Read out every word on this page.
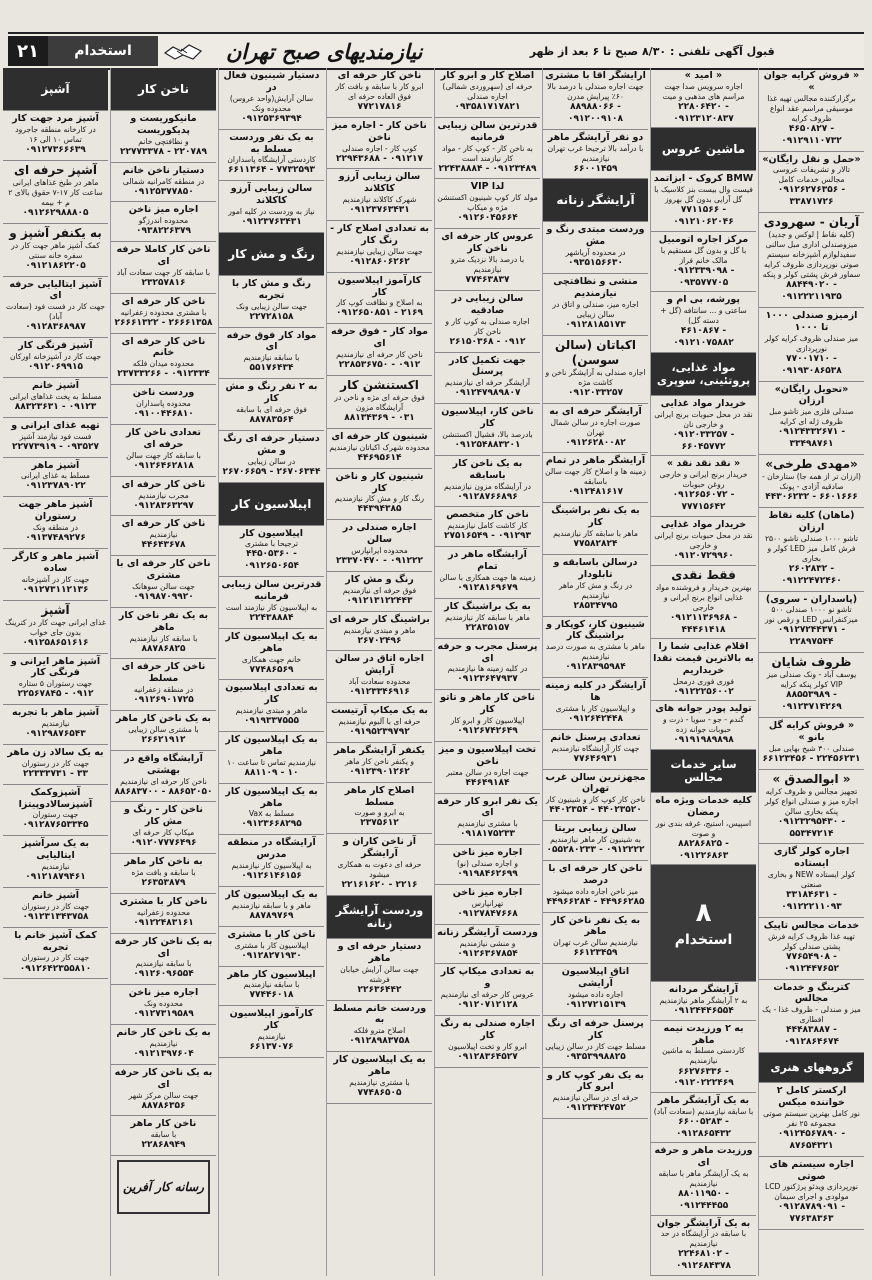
۲۱	استخدام	نیازمندیهای صبح تهران	قبول آگهی تلفنی : ۸/۳۰ صبح تا ۶ بعد از ظهر
« فروش کرایه جوان »
برگزارکننده مجالس تهیه غذا موسیقی مراسم عقد انواع ظروف کرایه
۴۶۵۰۸۲۷ - ۰۹۱۲۹۱۱۰۷۳۲
«حمل و نقل رایگان»
تالار و تشریفات عروسی مجالس خدمات کامل
۰۹۱۲۶۲۷۶۳۵۶ - ۳۳۸۷۱۷۲۶
آریان - سهرودی
(کلیه نقاط | لوکس و جدید) میزوصندلی اداری مبل سالنی سفیدلوازم آشپزخانه سیستم صوتی نورپردازی ظروف کرایه سماور فرش پشتی کولر و پنکه
۸۸۴۴۹۰۲۰ - ۰۹۱۲۲۲۱۱۹۳۵
ازمیزو صندلی ۱۰۰۰ تا ۱۰۰۰
میز صندلی ظروف کرایه کولر نورپردازی
۷۷۰۰۱۷۱۰ - ۰۹۱۹۳۰۸۶۵۳۸
«تحویل رایگان» ارزان
صندلی فلزی میز تاشو مبل ظروف ژله ای کرایه
۰۹۱۲۴۳۳۲۶۷۱ - ۳۳۴۹۸۷۶۱
«مهدی طرخی»
(ارزان تر از همه جا) ستارخان - صادقیه آزادی - پونک
۴۴۳۰۶۲۳۲ - ۶۶۰۱۶۶۶
(ماهان) کلیه نقاط ارزان
تاشو ۱۰۰۰ صندلی تاشو ۲۵۰۰ فرش کامل میز LED کولر و بخاری
۲۶۰۲۸۳۲ - ۰۹۱۲۲۴۷۲۴۶۰
(پاسداران - سروی)
تاشو نو ۱۰۰۰ صندلی ۵۰۰ میزکنفرانس LED و رقص نور
۰۹۱۲۷۲۴۴۳۷۱ - ۲۲۸۹۷۵۴۴
ظروف شایان
یوسف آباد - ونک صندلی میز VIP کولر پنکه کرایه
۸۸۵۵۳۹۸۹ - ۰۹۱۲۳۷۱۴۲۶۹
« فروش کرایه گل بانو »
صندلی ۳۰۰ شیخ بهایی مبل
۶۶۱۲۳۴۵۶ - ۲۲۴۵۶۲۳۱
« ابوالصدق »
تجهیز مجالس و ظروف کرایه اجاره میز و صندلی انواع کولر پنکه بخاری سالن
۰۹۱۲۳۲۹۵۴۳۰ - ۵۵۳۴۷۲۱۴
اجاره کولر گازی ایستاده
کولر ایستاده NEW و بخاری صنعتی
۳۳۱۸۴۶۳۱ - ۰۹۱۲۲۲۱۱۰۹۳
خدمات مجالس تاپیک
تهیه غذا ظروف کرایه فرش پشتی صندلی کولر
۷۷۶۵۴۹۰۸ - ۰۹۱۲۴۴۷۶۵۲
کترینگ و خدمات مجالس
میز و صندلی - ظروف غذا - یک افطاری
۴۴۴۸۳۸۸۷ - ۰۹۱۲۸۶۴۶۷۴
گروههای هنری
ارکستر کامل ۲ خواننده میکس
نور کامل بهترین سیستم صوتی مجموعه ۲۵ نفر
۰۹۱۲۴۵۶۷۸۹۰ - ۸۷۶۵۴۳۲۱
اجاره سیستم های صوتی
نورپردازی ویدئو پرژکتور LCD مولودی و اجرای سیمان
۰۹۱۲۸۷۸۹۰۹۱ - ۷۷۶۳۸۳۶۳
« امید »
اجاره سرویس صدا جهت مراسم های مذهبی و میت
۲۲۸۰۶۴۲۰ - ۰۹۱۲۳۱۲۰۸۳۷
ماشین عروس
BMW کروک - ابزاتمد
فیست وال بیست بنز کلاسیک با گل آرایی بدون گل بهروز
۷۷۱۱۵۶۶ - ۰۹۱۲۱۰۶۲۰۴۶
مرکز اجاره اتومبیل
با گل و بدون گل مستقیم با مالک خانم فراز
۰۹۱۲۳۳۹۰۹۸ - ۰۹۳۵۷۷۷۰۵
پورشه، بی ام و
ساعتی و ... سانتافه (گل + دسته گل)
۴۶۱۰۸۶۷ - ۰۹۱۲۱۰۷۵۸۸۲
مواد غذایی، پروتئینی، سوپری
خریدار مواد غذایی
نقد در محل حبوبات برنج ایرانی و خارجی نان
۰۹۱۲۰۳۳۲۵۷ - ۶۶۰۴۵۷۷۲
« نقد نقد نقد »
خریدار برنج ایرانی و خارجی روغن حبوبات
۰۹۱۲۶۵۶۰۷۲ - ۷۷۷۱۵۶۴۲
خریدار مواد غذایی
نقد در محل حبوبات برنج ایرانی و خارجی
۰۹۱۲۰۷۲۹۹۶۰
فقط نقدی
بهترین خریدار و فروشنده مواد غذایی انواع برنج ایرانی و خارجی
۰۹۱۲۱۱۳۶۹۶۸ - ۴۴۴۶۱۴۱۸
اقلام غذایی شما را به بالاترین قیمت نقدا خریداریم
فوری فوری درمحل
۰۹۱۲۲۲۵۶۰۰۲
تولید پودر جوانه های
گندم - جو - سویا - ذرت و حبوبات جوانه زده
۰۹۱۹۱۹۸۹۸۹۸
سایر خدمات مجالس
کلیه خدمات ویژه ماه رمضان
اسپیس، استیج، غرفه بندی نور و صوت
۸۸۲۸۶۸۲۵ - ۰۹۱۲۲۶۸۶۳
۸
استخدام
آرایشگر مردانه
به ۲ آرایشگر ماهر نیازمندیم
۰۹۱۲۴۴۴۶۵۵۴
به ۲ ورزیدت نیمه ماهر
کاردستی مسلط به ماشین نیازمندیم
۶۶۲۷۶۳۳۶ - ۰۹۱۲۰۲۲۲۴۶۹
به یک آرایشگر ماهر
با سابقه نیازمندیم (سعادت آباد)
۶۶۰۰۵۲۸۳ - ۰۹۱۲۸۶۵۴۳۲
ورزیدت ماهر و حرفه ای
به یک آرایشگر ماهر با سابقه نیازمندیم
۸۸۰۱۱۹۵۰ - ۰۹۱۲۴۴۴۵۵
به یک آرایشگر جوان
با سابقه در آرایشگاه در حد نیازمندیم
۲۲۴۶۸۱۰۲ - ۰۹۱۲۶۸۴۳۷۸
آرایشگر آقا با مشتری
جهت اجاره صندلی با درصد بالا ۶۰٪ پیرایش مدرن
۸۸۹۸۸۰۶۶ - ۰۹۱۲۰۰۹۱۰۸
دو نفر آرایشگر ماهر
با درآمد بالا ترجیحا غرب تهران نیازمندیم
۶۶۰۰۱۴۵۹
آرایشگر زنانه
وردست مبتدی رنگ و مش
در محدوده آریاشهر
۰۹۳۵۱۵۶۶۳۰
منشی و نظافتچی نیازمندیم
اجاره میز، صندلی و اتاق در سالن زیبایی
۰۹۱۲۸۱۸۵۱۷۳
اکباتان (سالن سوسن)
اجاره صندلی به آرایشگر ناخن و کاشت مژه
۰۹۱۲۰۳۳۲۵۷
آرایشگر حرفه ای به
صورت اجاره در سالن شمال تهران
۰۹۱۲۶۲۸۰۰۸۲
آرایشگر ماهر در تمام
زمینه ها و اصلاح کار جهت سالن باسابقه
۰۹۱۲۴۸۱۶۱۷
به یک نفر براشینگ کار
ماهر با سابقه کار نیازمندیم
۷۷۵۸۲۸۲۴
درسالن باسابقه و تابلودار
در رنگ و مش کار ماهر نیازمندیم
۲۸۵۳۴۷۹۵
شینیون کار، کوپکار و براشینگ کار
ماهر با مشتری به صورت درصد نیازمندیم
۰۹۱۲۸۳۹۵۹۸۴
آرایشگر در کلیه زمینه ها
و اپیلاسیون کار با مشتری
۰۹۱۲۶۴۲۴۴۸
تعدادی پرسنل خانم
جهت کار آرایشگاه نیازمندیم
۷۷۶۴۶۹۳۱
مجهزترین سالن غرب تهران
ناخن کار کوپ کار و شینیون کار
۴۴۰۲۳۵۴ - ۴۴۰۲۳۵۲۰
سالن زیبایی بریتا
به شینیون کار ماهر نیازمندیم
۰۵۵۲۸۰۲۳۳ - ۰۹۱۲۲۲۲
ناخن کار حرفه ای با درصد
میز ناخن اجاره داده میشود
۴۴۹۶۶۲۸۴ - ۴۴۹۶۶۲۸۵
به یک نفر ناخن کار ماهر
نیازمندیم سالن غرب تهران
۶۶۱۲۳۴۵۹
اتاق اپیلاسیون آرایشی
اجاره داده میشود
۰۹۱۲۷۲۱۵۱۳۹
پرسنل حرفه ای رنگ کار
مسلط جهت کار در سالن زیبایی
۰۹۳۵۳۹۹۸۸۲۵
به یک نفر کوپ کار و ابرو کار
حرفه ای در سالن نیازمندیم
۰۹۱۲۳۴۲۴۷۵۲
اصلاح کار و ابرو کار
حرفه ای (سهروردی شمالی) اجاره صندلی
۰۹۳۵۸۱۷۱۷۸۲۱
قدرترین سالن زیبایی فرمانیه
به ناخن کار - کوپ کار - مواد کار نیازمند است
۲۲۴۳۸۸۸۴ - ۰۹۱۲۳۴۸۹
لدا VIP
مولد کار کوپ شینیون اکستنشن مژه و میکاپ
۰۹۱۲۶۰۴۵۶۶۴
عروس کار حرفه ای ناخن کار
با درصد بالا نزدیک مترو نیازمندیم
۷۷۴۶۳۸۳۷
سالن زیبایی در صادقیه
اجاره صندلی به کوپ کار و ناخن کار
۲۶۱۵۰۳۶۸ - ۰۹۱۲
جهت تکمیل کادر پرسنل
آرایشگر حرفه ای نیازمندیم
۰۹۱۲۴۷۹۸۹۸۰۷
ناخن کار، اپیلاسیون کار
بادرصد بالا، فشیال اکستنشن
۰۹۱۲۵۴۸۸۳۲۰۱
به یک ناخن کار باسابقه
در آرایشگاه مزون نیازمندیم
۰۹۱۲۸۷۶۶۸۹۶
ناخن کار متخصص
کار کاشت کامل نیازمندیم
۲۷۵۱۶۵۴۹ - ۰۹۱۲۹۳
آرایشگاه ماهر در تمام
زمینه ها جهت همکاری با سالن
۰۹۱۲۸۱۶۹۶۷۹
به یک براشینگ کار
ماهر با سابقه کار نیازمندیم
۲۲۸۳۵۱۵۷
پرسنل مجرب و حرفه ای
در کلیه زمینه ها نیازمندیم
۰۹۱۲۳۶۴۷۹۳۷
ناخن کار ماهر و تاتو کار
اپیلاسیون کار و ابرو کار
۰۹۱۲۶۷۴۲۶۴۹
تخت اپیلاسیون و میز ناخن
جهت اجاره در سالن معتبر
۴۴۶۴۹۱۸۴
یک نفر ابرو کار حرفه ای
با مشتری نیازمندیم
۰۹۱۸۱۷۵۲۳۳
اجاره میز ناخن
و اجاره صندلی (نو)
۰۹۱۹۸۴۶۲۶۹۹
اجاره میز ناخن
تهرانپارس
۰۹۱۲۷۸۴۷۶۶۸
وردست آرایشگر زنانه
و منشی نیازمندیم
۰۹۱۲۶۳۶۷۸۵۴
به تعدادی میکاپ کار و
عروس کار حرفه ای نیازمندیم
۰۹۱۲۰۷۱۲۱۲۸
اجاره صندلی به رنگ کار
ابرو کار و تخت اپیلاسیون
۰۹۱۲۸۳۶۴۵۲۷
ناخن کار حرفه ای
ابرو کار با سابقه و بافت کار فوق العاده حرفه ای
۷۷۲۱۷۸۱۶
ناخن کار - اجاره میز ناخن
کوپ کار - اجاره صندلی
۲۲۹۴۳۶۸۸ - ۰۹۱۲۱۷
سالن زیبایی آرزو کاکلاند
شهرک کاکلاند نیازمندیم
۰۹۱۲۳۷۶۳۴۳۱
به تعدادی اصلاح کار - رنگ کار
جهت سالن زیبایی نیازمندیم
۰۹۱۲۸۶۰۶۲۶۲
کارآموز اپیلاسیون کار
به اصلاح و نظافت کوپ کار
۰۹۱۲۶۵۰۸۵۱ - ۲۱۶۹
مواد کار - فوق حرفه ای
ناخن کار حرفه ای نیازمندیم
۲۲۸۵۳۶۷۵۰ - ۰۹۱۲
اکستنشن کار
فوق حرفه ای مژه و ناخن در آرایشگاه مزون
۸۸۱۳۴۳۶۹ - ۰۳۱
شینیون کار حرفه ای
محدوده شهرک اکباتان نیازمندیم
۴۴۶۹۵۶۱۴
شینیون کار و ناخن کار
رنگ کار و مش کار نیازمندیم
۴۴۳۹۴۳۸۵
اجاره صندلی در سالن
محدوده ایرانپارس
۲۳۳۷۰۴۷۰ - ۰۹۱۲۲۲
رنگ و مش کار
فوق حرفه ای نیازمندیم
۰۹۱۲۱۳۱۲۲۴۴۳
براشینگ کار حرفه ای
ماهر و مبتدی نیازمندیم
۲۶۷۰۲۴۹۶
اجاره اتاق در سالن آرایش
محدوده سعادت آباد
۰۹۱۲۳۳۴۶۹۱۶
به یک میکاپ آرتیست
حرفه ای با آلبوم نیازمندیم
۰۹۱۹۵۲۳۹۷۹۲
یکنفر آرایشگر ماهر
و یکنفر ناخن کار ماهر
۰۹۱۲۳۹۰۱۲۶۲
اصلاح کار ماهر مسلط
به ابرو و صورت
۲۳۷۵۶۱۲
آز ناخن کاران و آرایشگر
حرفه ای دعوت به همکاری میشود
۲۲۱۶۱۶۲۰ - ۲۲۱۶
وردست آرایشگر زنانه
دستیار حرفه ای و ماهر
جهت سالن آرایش خیابان فرشته
۲۲۶۳۶۴۴۲
وردست خانم مسلط به
اصلاح مترو فلکه
۰۹۱۲۸۹۸۳۷۵۸
به یک اپیلاسیون کار ماهر
با مشتری نیازمندیم
۷۷۴۸۶۵۰۵
دستیار شینیون فعال در
سالن آرایش(واحد عروس) محدوده ونک
۰۹۱۲۵۳۶۹۳۹۴
به یک نفر وردست مسلط به
کاردستی آرایشگاه پاسداران
۶۶۱۱۳۶۴ - ۷۷۳۲۵۹۳
سالن زیبایی آرزو کاکلاند
نیاز به وردست در کلیه امور
۰۹۱۲۳۷۶۳۴۳۱
رنگ و مش کار
رنگ و مش کار با تجربه
جهت سالن زیبایی ونک
۲۲۷۲۸۱۵۸
مواد کار فوق حرفه ای
با سابقه نیازمندیم
۵۵۱۷۶۴۳۴
به ۲ نفر رنگ و مش کار
فوق حرفه ای با سابقه
۸۸۷۸۳۵۶۴
دستیار حرفه ای رنگ و مش
در سالن زیبایی
۲۶۷۰۶۶۵۹ - ۲۶۷۰۶۳۴۴
اپیلاسیون کار
اپیلاسیون کار
ترجیحا با مشتری
۴۴۵۰۵۳۶۰ - ۰۹۱۲۶۵۰۶۵۴
قدرترین سالن زیبایی فرمانیه
به اپیلاسیون کار نیازمند است
۲۲۴۳۸۸۸۴
به یک اپیلاسیون کار ماهر
خانم جهت همکاری
۷۷۴۸۶۵۶۹
به تعدادی اپیلاسیون کار
ماهر و مبتدی نیازمندیم
۰۹۱۹۳۳۷۵۵۵
به یک اپیلاسیون کار ماهر
نیازمندیم تماس تا ساعت ۱۰
۸۸۱۱۰۹ - ۱۰
به یک اپیلاسیون کار ماهر
مسلط به Vax
۰۹۱۲۳۶۶۸۲۹۵
آرایشگاه در منطقه مدرس
به اپیلاسیون کار نیازمندیم
۰۹۱۲۶۱۴۶۱۵۶
به یک اپیلاسیون کار
ماهر و با سابقه نیازمندیم
۸۸۷۸۹۷۶۹
ناخن کار با مشتری
اپیلاسیون کار با مشتری
۰۹۱۲۸۲۷۱۹۳۰
اپیلاسیون کار ماهر
با سابقه نیازمندیم
۷۷۴۴۶۰۱۸
کارآموز اپیلاسیون کار
نیازمندیم
۶۶۱۳۷۰۷۶
ناخن کار
مانیکوریست و پدیکوریست
و نظافتچی خانم
۲۲۷۷۳۳۷۸ - ۲۲۰۷۸۹
دستیار ناخن خانم
در منطقه کامرانیه شمالی
۰۹۱۲۵۳۷۷۸۵۰
اجاره میز ناخن
محدوده اندرزگو
۰۹۳۸۲۲۶۳۷۹
ناخن کار کاملا حرفه ای
با سابقه کار جهت سعادت آباد
۲۳۲۵۷۸۱۶
ناخن کار حرفه ای
با مشتری محدوده زعفرانیه
۲۶۶۶۱۳۲۲ - ۲۶۶۶۱۳۵۸
ناخن کار حرفه ای خانم
محدوده میدان فلکه
۲۳۷۳۳۲۶۶ - ۰۹۱۲۳۳۴
وردست ناخن
محدوده پاسداران
۰۹۱۰۰۴۴۶۸۱۰
تعدادی ناخن کار حرفه ای
با سابقه کار جهت سالن
۰۹۱۲۶۴۶۲۸۱۸
ناخن کار حرفه ای
مجرب نیازمندیم
۰۹۱۲۸۳۶۳۲۹۷
ناخن کار حرفه ای
نیازمندیم
۴۴۶۴۳۶۷۸
ناخن کار حرفه ای با مشتری
جهت سالن سوهانک
۰۹۱۹۸۷۰۹۹۲۰
به یک نفر ناخن کار ماهر
با سابقه کار نیازمندیم
۸۸۷۸۶۸۲۵
ناخن کار حرفه ای مسلط
در منطقه زعفرانیه
۰۹۱۲۶۹۰۱۷۲۵
به یک ناخن کار ماهر
با مشتری سالن زیبایی
۲۶۶۲۱۹۱۲
آرایشگاه واقع در بهشتی
ناخن کار حرفه ای نیازمندیم
۸۸۶۸۳۷۰۰ - ۸۸۶۵۲۰۵۰
ناخن کار - رنگ و مش کار
میکاپ کار حرفه ای
۰۹۱۲۰۷۷۷۶۴۹۶
به ناخن کار ماهر
با سابقه و بافت مژه
۲۶۳۵۳۸۷۹
ناخن کار با مشتری
محدوده زعفرانیه
۰۹۱۲۲۴۸۳۱۶۱
به یک ناخن کار حرفه ای
با سابقه نیازمندیم
۰۹۱۲۶۰۹۶۵۵۴
اجاره میز ناخن
محدوده ونک
۰۹۱۲۷۳۱۹۵۸۹
به یک ناخن کار خانم
نیازمندیم
۰۹۱۲۱۳۹۷۶۰۴
به یک ناخن کار حرفه ای
جهت سالن مرکز شهر
۸۸۷۸۶۳۵۶
ناخن کار ماهر
با سابقه
۲۲۸۶۸۹۴۹
رسانه کار آفرین
آشپز
آشپز مرد جهت کار
در کارخانه منطقه جاجرود تماس ۱۰ الی ۱۶
۰۹۱۲۷۳۶۶۶۳۹
آشپز حرفه ای
ماهر در طبخ غذاهای ایرانی ساعت کار ۱۷-۷ حقوق بالای ۲ م + بیمه
۰۹۱۲۶۲۹۸۸۸۰۵
به یکنفر آشپز و
کمک آشپز ماهر جهت کار در سفره خانه سنتی
۰۹۱۲۱۸۶۲۲۰۵
آشپز ایتالیایی حرفه ای
جهت کار در فست فود (سعادت آباد)
۰۹۱۲۸۳۶۸۹۸۷
آشپز فرنگی کار
جهت کار در آشپزخانه اورکان
۰۹۱۲۰۶۹۹۱۵
آشپز خانم
مسلط به پخت غذاهای ایرانی
۸۸۳۲۳۶۳۱ - ۰۹۱۲۳
تهیه غذای ایرانی و
فست فود نیازمند آشپز
۲۲۷۷۳۹۱۹ - ۰۹۳۵۲۷
آشپز ماهر
مسلط به غذای ایرانی
۰۹۱۲۳۷۸۹۰۲۲
آشپز ماهر جهت رستوران
در منطقه ونک
۰۹۱۳۷۴۸۹۲۷۶
آشپز ماهر و کارگر ساده
جهت کار در آشپزخانه
۰۹۱۲۷۳۱۱۲۱۳۶
آشپز
غذای ایرانی جهت کار در کترینگ بدون جای خواب
۰۹۱۲۵۸۶۵۱۶۱۶
آشپز ماهر ایرانی و فرنگی کار
جهت رستوران ۵ ستاره
۲۲۵۶۷۸۴۵ - ۰۹۱۲
آشپز ماهر با تجربه
نیازمندیم
۰۹۱۲۹۸۷۶۵۴۳
به یک سالاد زن ماهر
جهت کار در رستوران
۲۲۳۳۳۷۳۱ - ۳۳
آشپزوکمک آشپزسالادوپیتزا
جهت رستوران
۰۹۱۲۸۷۶۵۳۳۴۵
به یک سرآشپز ایتالیایی
نیازمندیم
۰۹۱۲۱۸۷۹۴۶۱
آشپز خانم
جهت کار در رستوران
۰۹۱۲۳۱۳۴۳۷۵۸
کمک آشپز خانم با تجربه
جهت کار در رستوران
۰۹۱۲۶۴۲۳۵۵۸۱۰
